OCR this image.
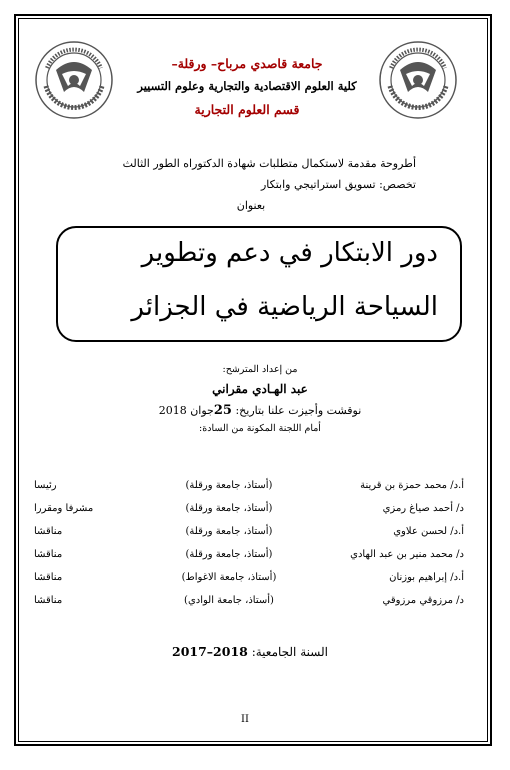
جامعة قاصدي مرباح– ورقلة–
كلية العلوم الاقتصادية والتجارية وعلوم التسيير
قسم العلوم التجارية
أطروحة مقدمة لاستكمال متطلبات شهادة الدكتوراه الطور الثالث
تخصص: تسويق استراتيجي وابتكار
بعنوان
دور الابتكار في دعم وتطوير
السياحة الرياضية في الجزائر
من إعداد المترشح:
عبد الهـادي مقراني
نوقشت وأجيزت علنا بتاريخ: 25جوان 2018
أمام اللجنة المكونة من السادة:
أ.د/ محمد حمزة بن قرينة	(أستاذ، جامعة ورقلة)	رئيسا
د/ أحمد صياغ رمزي	(أستاذ، جامعة ورقلة)	مشرفا ومقررا
أ.د/ لحسن علاوي	(أستاذ، جامعة ورقلة)	مناقشا
د/ محمد منير بن عبد الهادي	(أستاذ، جامعة ورقلة)	مناقشا
أ.د/ إبراهيم بوزنان	(أستاذ، جامعة الاغواط)	مناقشا
د/ مرزوقي مرزوقي	(أستاذ، جامعة الوادي)	مناقشا
السنة الجامعية: 2017–2018
II
